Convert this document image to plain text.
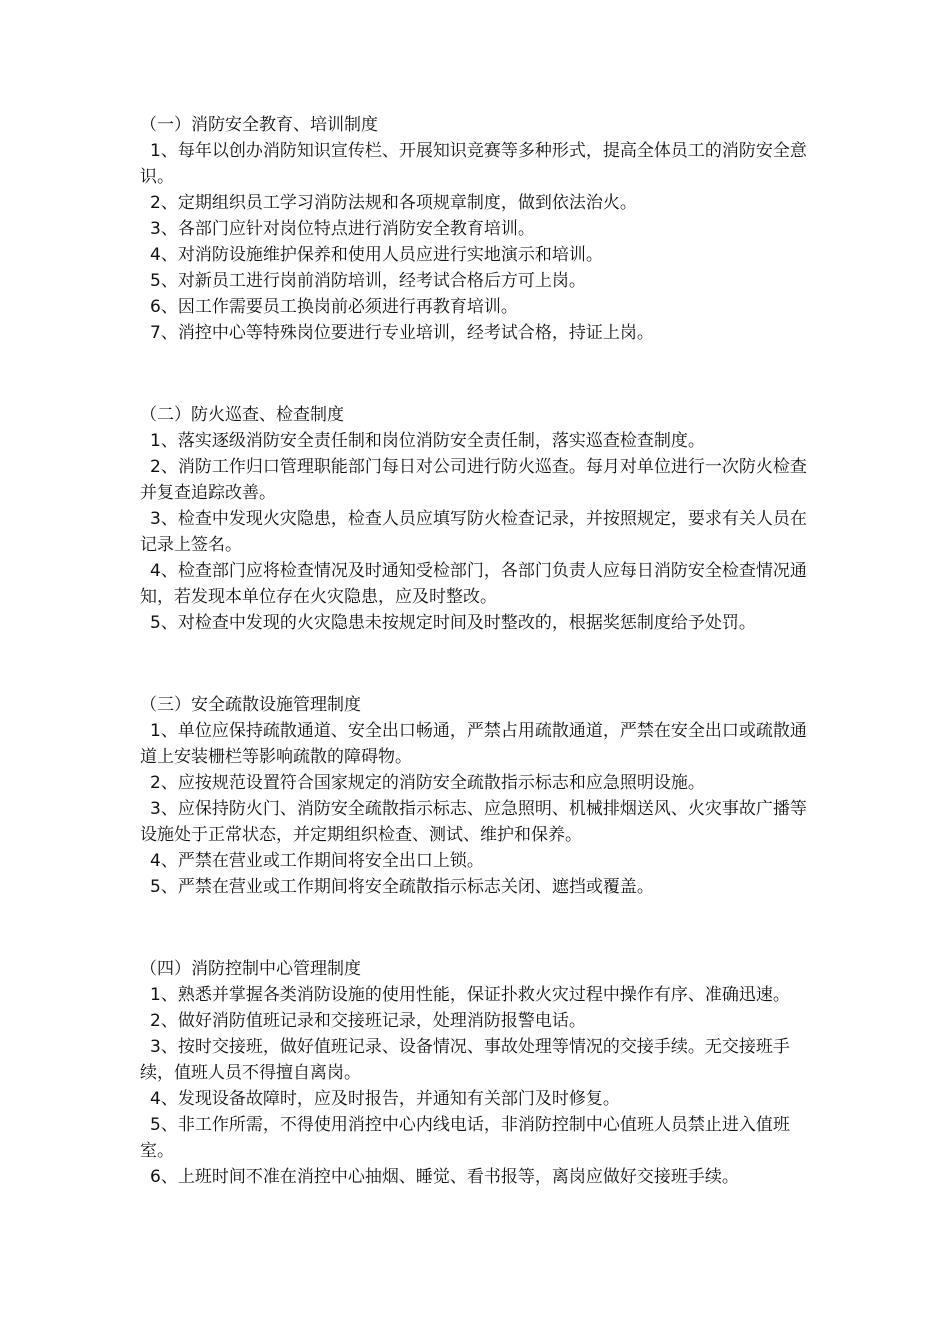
（一）消防安全教育、培训制度

1、每年以创办消防知识宣传栏、开展知识竞赛等多种形式，提高全体员工的消防安全意识。

2、定期组织员工学习消防法规和各项规章制度，做到依法治火。

3、各部门应针对岗位特点进行消防安全教育培训。

4、对消防设施维护保养和使用人员应进行实地演示和培训。

5、对新员工进行岗前消防培训，经考试合格后方可上岗。

6、因工作需要员工换岗前必须进行再教育培训。

7、消控中心等特殊岗位要进行专业培训，经考试合格，持证上岗。

（二）防火巡查、检查制度

1、落实逐级消防安全责任制和岗位消防安全责任制，落实巡查检查制度。

2、消防工作归口管理职能部门每日对公司进行防火巡查。每月对单位进行一次防火检查并复查追踪改善。

3、检查中发现火灾隐患，检查人员应填写防火检查记录，并按照规定，要求有关人员在记录上签名。

4、检查部门应将检查情况及时通知受检部门，各部门负责人应每日消防安全检查情况通知，若发现本单位存在火灾隐患，应及时整改。

5、对检查中发现的火灾隐患未按规定时间及时整改的，根据奖惩制度给予处罚。

（三）安全疏散设施管理制度

1、单位应保持疏散通道、安全出口畅通，严禁占用疏散通道，严禁在安全出口或疏散通道上安装栅栏等影响疏散的障碍物。

2、应按规范设置符合国家规定的消防安全疏散指示标志和应急照明设施。

3、应保持防火门、消防安全疏散指示标志、应急照明、机械排烟送风、火灾事故广播等设施处于正常状态，并定期组织检查、测试、维护和保养。

4、严禁在营业或工作期间将安全出口上锁。

5、严禁在营业或工作期间将安全疏散指示标志关闭、遮挡或覆盖。

（四）消防控制中心管理制度

1、熟悉并掌握各类消防设施的使用性能，保证扑救火灾过程中操作有序、准确迅速。

2、做好消防值班记录和交接班记录，处理消防报警电话。

3、按时交接班，做好值班记录、设备情况、事故处理等情况的交接手续。无交接班手续，值班人员不得擅自离岗。

4、发现设备故障时，应及时报告，并通知有关部门及时修复。

5、非工作所需，不得使用消控中心内线电话，非消防控制中心值班人员禁止进入值班室。

6、上班时间不准在消控中心抽烟、睡觉、看书报等，离岗应做好交接班手续。
